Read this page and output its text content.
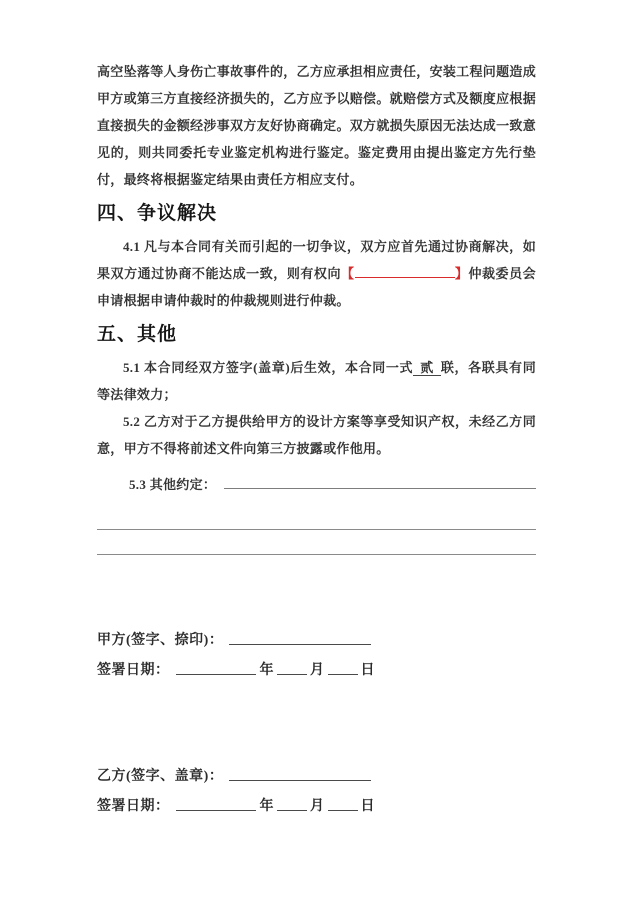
高空坠落等人身伤亡事故事件的，乙方应承担相应责任，安装工程问题造成甲方或第三方直接经济损失的，乙方应予以赔偿。就赔偿方式及额度应根据直接损失的金额经涉事双方友好协商确定。双方就损失原因无法达成一致意见的，则共同委托专业鉴定机构进行鉴定。鉴定费用由提出鉴定方先行垫付，最终将根据鉴定结果由责任方相应支付。

四、争议解决

4.1 凡与本合同有关而引起的一切争议，双方应首先通过协商解决，如果双方通过协商不能达成一致，则有权向【	】仲裁委员会申请根据申请仲裁时的仲裁规则进行仲裁。

五、其他

5.1 本合同经双方签字(盖章)后生效，本合同一式 贰 联，各联具有同等法律效力；

5.2 乙方对于乙方提供给甲方的设计方案等享受知识产权，未经乙方同意，甲方不得将前述文件向第三方披露或作他用。

5.3 其他约定：
甲方(签字、捺印)：
签署日期：	年	月	日
乙方(签字、盖章)：
签署日期：	年	月	日
